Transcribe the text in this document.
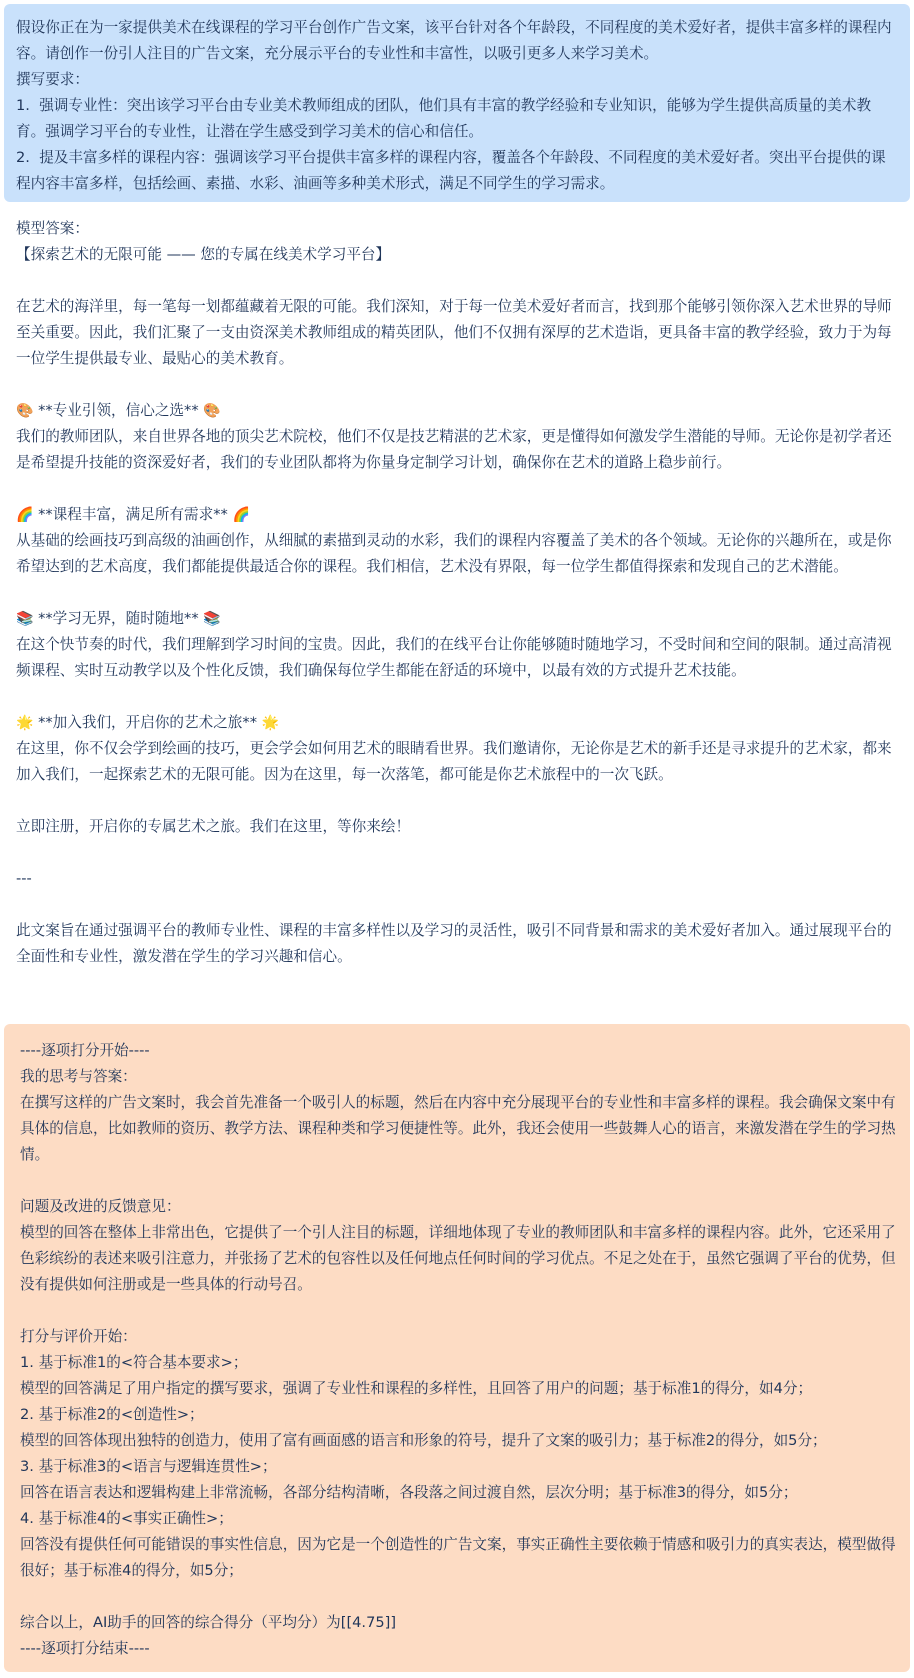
假设你正在为一家提供美术在线课程的学习平台创作广告文案，该平台针对各个年龄段，不同程度的美术爱好者，提供丰富多样的课程内容。请创作一份引人注目的广告文案，充分展示平台的专业性和丰富性，以吸引更多人来学习美术。

撰写要求：

1.  强调专业性：突出该学习平台由专业美术教师组成的团队，他们具有丰富的教学经验和专业知识，能够为学生提供高质量的美术教育。强调学习平台的专业性，让潜在学生感受到学习美术的信心和信任。

2.  提及丰富多样的课程内容：强调该学习平台提供丰富多样的课程内容，覆盖各个年龄段、不同程度的美术爱好者。突出平台提供的课程内容丰富多样，包括绘画、素描、水彩、油画等多种美术形式，满足不同学生的学习需求。

模型答案：

【探索艺术的无限可能 —— 您的专属在线美术学习平台】

在艺术的海洋里，每一笔每一划都蕴藏着无限的可能。我们深知，对于每一位美术爱好者而言，找到那个能够引领你深入艺术世界的导师至关重要。因此，我们汇聚了一支由资深美术教师组成的精英团队，他们不仅拥有深厚的艺术造诣，更具备丰富的教学经验，致力于为每一位学生提供最专业、最贴心的美术教育。

🎨 **专业引领，信心之选** 🎨

我们的教师团队，来自世界各地的顶尖艺术院校，他们不仅是技艺精湛的艺术家，更是懂得如何激发学生潜能的导师。无论你是初学者还是希望提升技能的资深爱好者，我们的专业团队都将为你量身定制学习计划，确保你在艺术的道路上稳步前行。

🌈 **课程丰富，满足所有需求** 🌈

从基础的绘画技巧到高级的油画创作，从细腻的素描到灵动的水彩，我们的课程内容覆盖了美术的各个领域。无论你的兴趣所在，或是你希望达到的艺术高度，我们都能提供最适合你的课程。我们相信，艺术没有界限，每一位学生都值得探索和发现自己的艺术潜能。

📚 **学习无界，随时随地** 📚

在这个快节奏的时代，我们理解到学习时间的宝贵。因此，我们的在线平台让你能够随时随地学习，不受时间和空间的限制。通过高清视频课程、实时互动教学以及个性化反馈，我们确保每位学生都能在舒适的环境中，以最有效的方式提升艺术技能。

🌟 **加入我们，开启你的艺术之旅** 🌟

在这里，你不仅会学到绘画的技巧，更会学会如何用艺术的眼睛看世界。我们邀请你，无论你是艺术的新手还是寻求提升的艺术家，都来加入我们，一起探索艺术的无限可能。因为在这里，每一次落笔，都可能是你艺术旅程中的一次飞跃。

立即注册，开启你的专属艺术之旅。我们在这里，等你来绘！

---

此文案旨在通过强调平台的教师专业性、课程的丰富多样性以及学习的灵活性，吸引不同背景和需求的美术爱好者加入。通过展现平台的全面性和专业性，激发潜在学生的学习兴趣和信心。

----逐项打分开始----

我的思考与答案：

在撰写这样的广告文案时，我会首先准备一个吸引人的标题，然后在内容中充分展现平台的专业性和丰富多样的课程。我会确保文案中有具体的信息，比如教师的资历、教学方法、课程种类和学习便捷性等。此外，我还会使用一些鼓舞人心的语言，来激发潜在学生的学习热情。

问题及改进的反馈意见：

模型的回答在整体上非常出色，它提供了一个引人注目的标题，详细地体现了专业的教师团队和丰富多样的课程内容。此外，它还采用了色彩缤纷的表述来吸引注意力，并张扬了艺术的包容性以及任何地点任何时间的学习优点。不足之处在于，虽然它强调了平台的优势，但没有提供如何注册或是一些具体的行动号召。

打分与评价开始：

1. 基于标准1的<符合基本要求>；

模型的回答满足了用户指定的撰写要求，强调了专业性和课程的多样性，且回答了用户的问题；基于标准1的得分，如4分；

2. 基于标准2的<创造性>；

模型的回答体现出独特的创造力，使用了富有画面感的语言和形象的符号，提升了文案的吸引力；基于标准2的得分，如5分；

3. 基于标准3的<语言与逻辑连贯性>；

回答在语言表达和逻辑构建上非常流畅，各部分结构清晰，各段落之间过渡自然，层次分明；基于标准3的得分，如5分；

4. 基于标准4的<事实正确性>；

回答没有提供任何可能错误的事实性信息，因为它是一个创造性的广告文案，事实正确性主要依赖于情感和吸引力的真实表达，模型做得很好；基于标准4的得分，如5分；

综合以上，AI助手的回答的综合得分（平均分）为[[4.75]]

----逐项打分结束----
